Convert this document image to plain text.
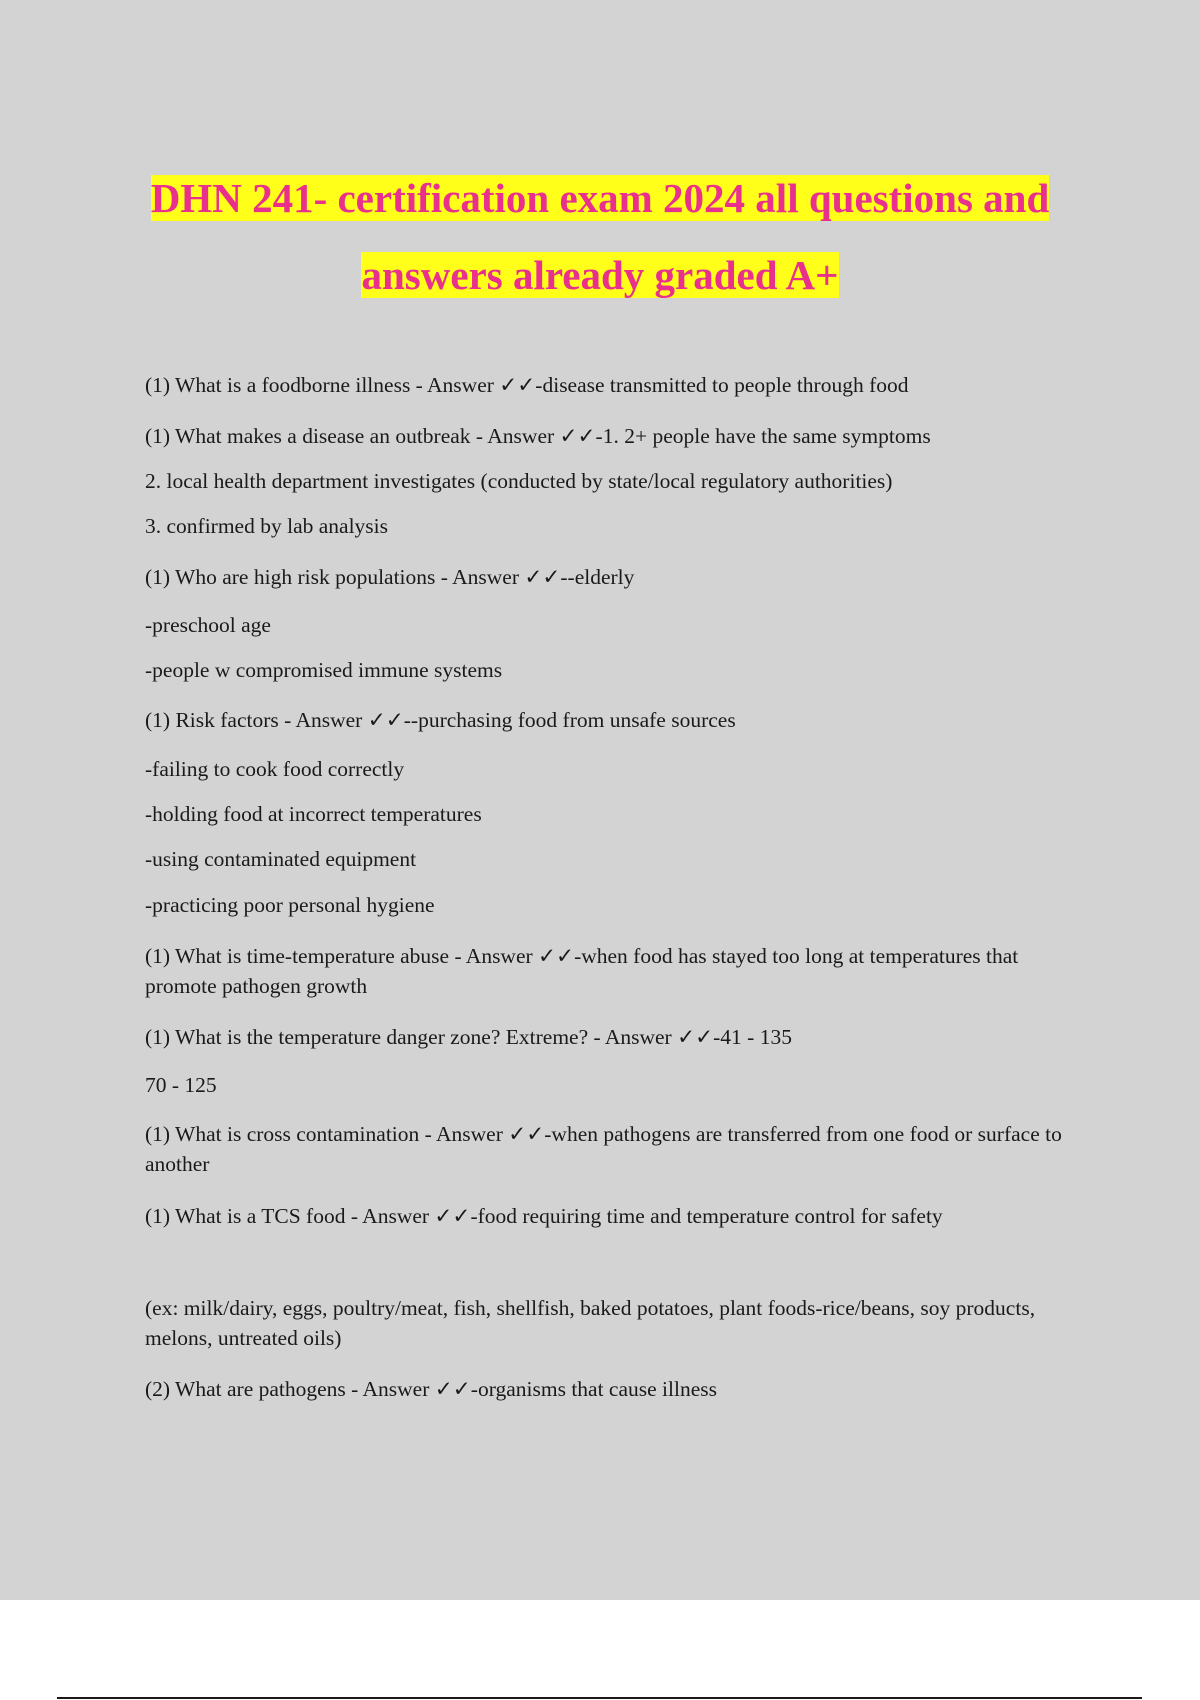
DHN 241- certification exam 2024 all questions and
answers already graded A+

(1) What is a foodborne illness - Answer ✓✓-disease transmitted to people through food

(1) What makes a disease an outbreak - Answer ✓✓-1. 2+ people have the same symptoms

2. local health department investigates (conducted by state/local regulatory authorities)

3. confirmed by lab analysis

(1) Who are high risk populations - Answer ✓✓--elderly

-preschool age

-people w compromised immune systems

(1) Risk factors - Answer ✓✓--purchasing food from unsafe sources

-failing to cook food correctly

-holding food at incorrect temperatures

-using contaminated equipment

-practicing poor personal hygiene

(1) What is time-temperature abuse - Answer ✓✓-when food has stayed too long at temperatures that promote pathogen growth

(1) What is the temperature danger zone? Extreme? - Answer ✓✓-41 - 135

70 - 125

(1) What is cross contamination - Answer ✓✓-when pathogens are transferred from one food or surface to another

(1) What is a TCS food - Answer ✓✓-food requiring time and temperature control for safety

(ex: milk/dairy, eggs, poultry/meat, fish, shellfish, baked potatoes, plant foods-rice/beans, soy products, melons, untreated oils)

(2) What are pathogens - Answer ✓✓-organisms that cause illness
